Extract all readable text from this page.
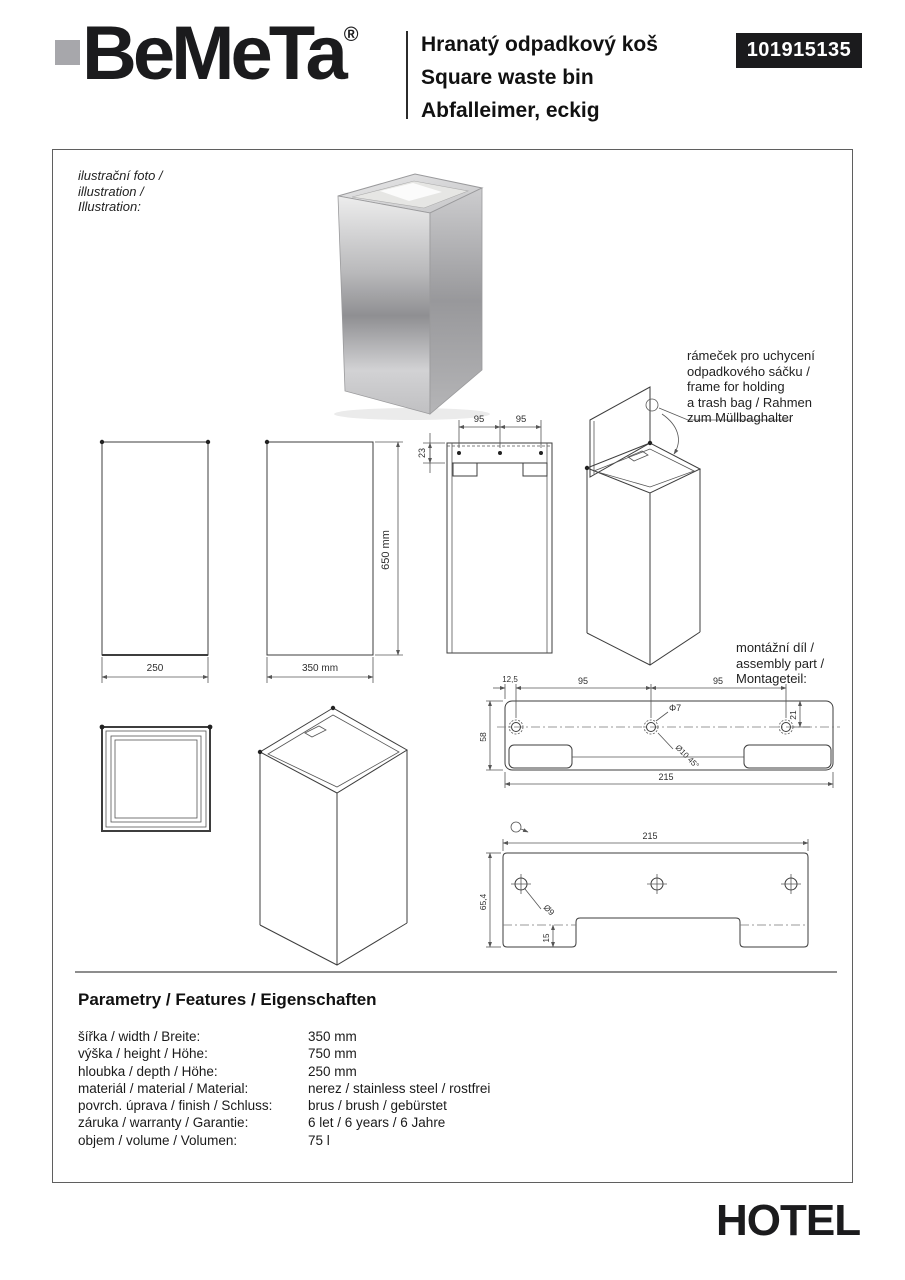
BeMeTa®	Hranatý odpadkový koš
Square waste bin
Abfalleimer, eckig
101915135
ilustrační foto /
illustration /
Illustration:
250	350 mm
650 mm
95	95
23
12,5	95	95
58
21
Φ7
Ø10 45°
215
215
65,4	Ø9
15
rámeček pro uchycení
odpadkového sáčku /
frame for holding
a trash bag / Rahmen
zum Müllbaghalter
montážní díl /
assembly part /
Montageteil:
Parametry / Features / Eigenschaften
šířka / width / Breite:	350 mm
výška / height / Höhe:	750 mm
hloubka / depth / Höhe:	250 mm
materiál / material / Material:	nerez / stainless steel / rostfrei
povrch. úprava / finish / Schluss:	brus / brush / gebürstet
záruka / warranty / Garantie:	6 let / 6 years / 6 Jahre
objem / volume / Volumen:	75 l
HOTEL
